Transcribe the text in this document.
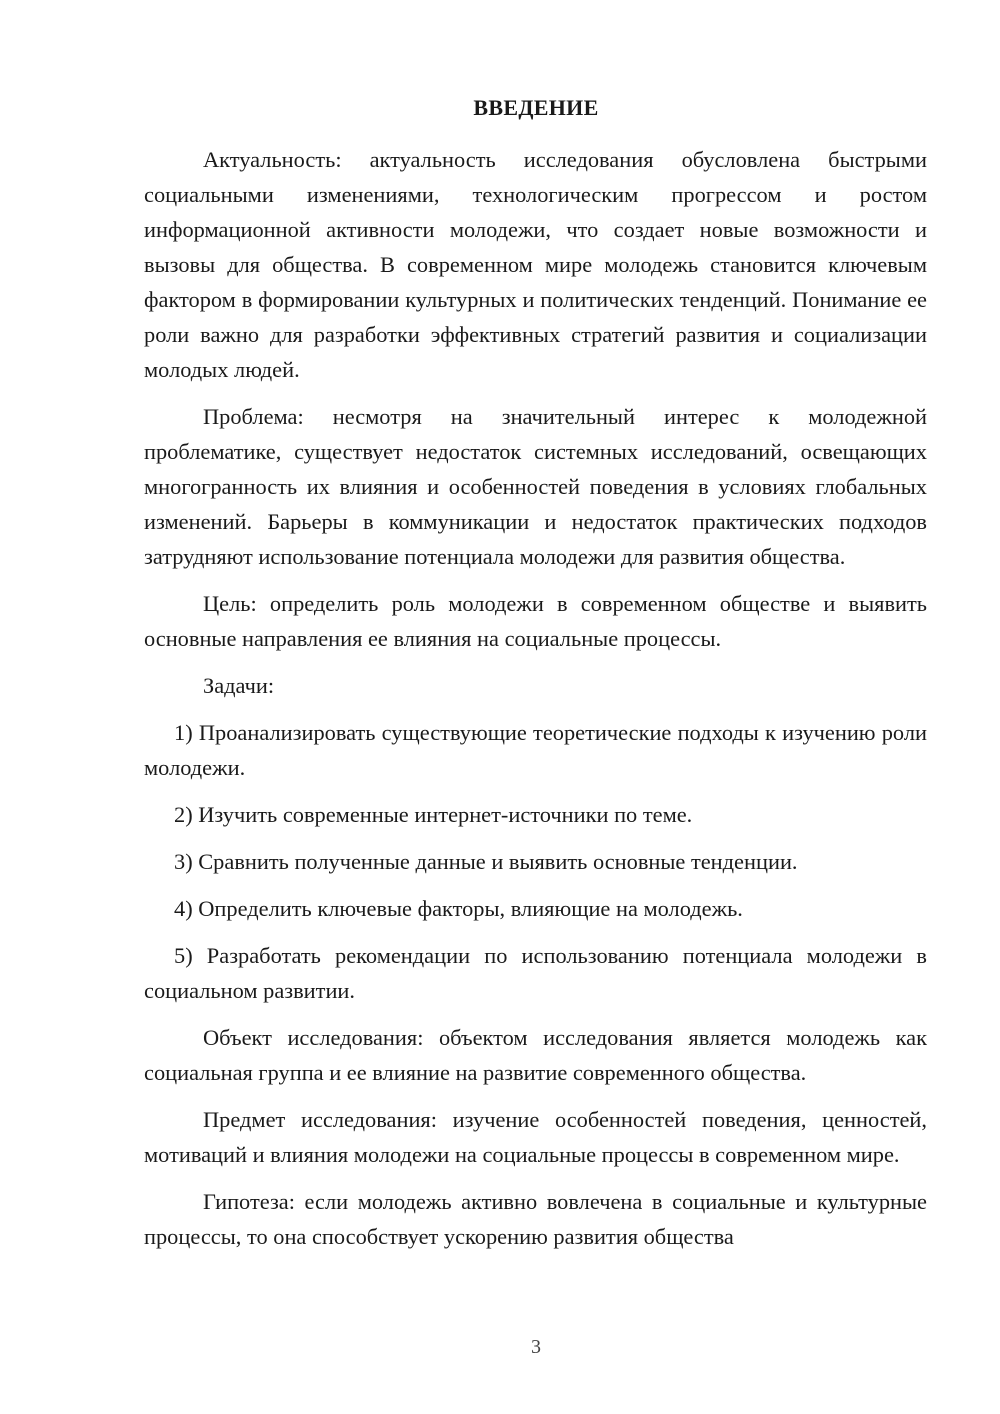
ВВЕДЕНИЕ

Актуальность: актуальность исследования обусловлена быстрыми социальными изменениями, технологическим прогрессом и ростом информационной активности молодежи, что создает новые возможности и вызовы для общества. В современном мире молодежь становится ключевым фактором в формировании культурных и политических тенденций. Понимание ее роли важно для разработки эффективных стратегий развития и социализации молодых людей.

Проблема: несмотря на значительный интерес к молодежной проблематике, существует недостаток системных исследований, освещающих многогранность их влияния и особенностей поведения в условиях глобальных изменений. Барьеры в коммуникации и недостаток практических подходов затрудняют использование потенциала молодежи для развития общества.

Цель: определить роль молодежи в современном обществе и выявить основные направления ее влияния на социальные процессы.

Задачи:

1) Проанализировать существующие теоретические подходы к изучению роли молодежи.

2) Изучить современные интернет-источники по теме.

3) Сравнить полученные данные и выявить основные тенденции.

4) Определить ключевые факторы, влияющие на молодежь.

5) Разработать рекомендации по использованию потенциала молодежи в социальном развитии.

Объект исследования: объектом исследования является молодежь как социальная группа и ее влияние на развитие современного общества.

Предмет исследования: изучение особенностей поведения, ценностей, мотиваций и влияния молодежи на социальные процессы в современном мире.

Гипотеза: если молодежь активно вовлечена в социальные и культурные процессы, то она способствует ускорению развития общества

3
